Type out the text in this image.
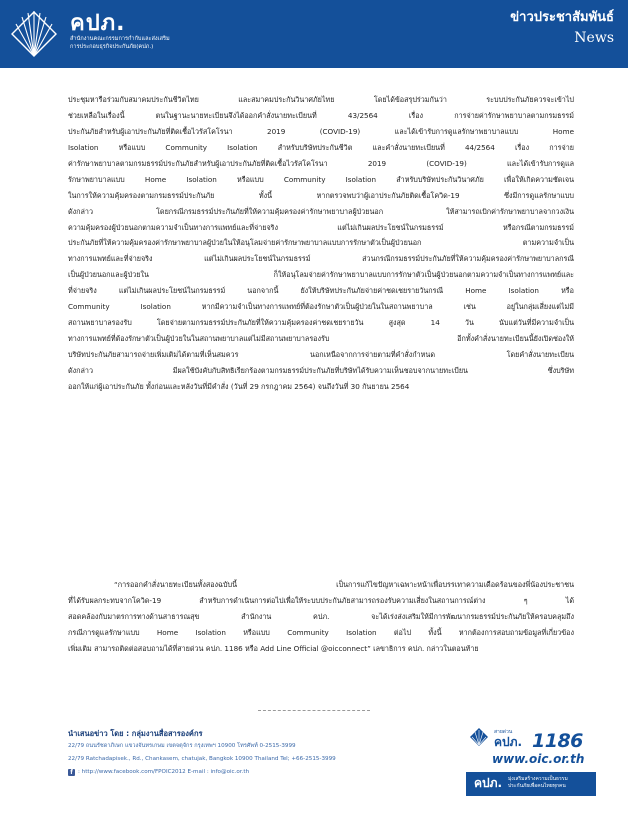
คปภ.
สำนักงานคณะกรรมการกำกับและส่งเสริม
การประกอบธุรกิจประกันภัย(คปภ.)
ข่าวประชาสัมพันธ์
News
ประชุมหารือร่วมกับสมาคมประกันชีวิตไทย และสมาคมประกันวินาศภัยไทย โดยได้ข้อสรุปร่วมกันว่า ระบบประกันภัยควรจะเข้าไป
ช่วยเหลือในเรื่องนี้ ตนในฐานะนายทะเบียนจึงได้ออกคำสั่งนายทะเบียนที่ 43/2564 เรื่อง การจ่ายค่ารักษาพยาบาลตามกรมธรรม์
ประกันภัยสำหรับผู้เอาประกันภัยที่ติดเชื้อไวรัสโคโรนา 2019 (COVID-19) และได้เข้ารับการดูแลรักษาพยาบาลแบบ Home
Isolation หรือแบบ Community Isolation สำหรับบริษัทประกันชีวิต และคำสั่งนายทะเบียนที่ 44/2564 เรื่อง การจ่าย
ค่ารักษาพยาบาลตามกรมธรรม์ประกันภัยสำหรับผู้เอาประกันภัยที่ติดเชื้อไวรัสโคโรนา 2019 (COVID-19) และได้เข้ารับการดูแล
รักษาพยาบาลแบบ Home Isolation หรือแบบ Community Isolation สำหรับบริษัทประกันวินาศภัย เพื่อให้เกิดความชัดเจน
ในการให้ความคุ้มครองตามกรมธรรม์ประกันภัย ทั้งนี้ หากตรวจพบว่าผู้เอาประกันภัยติดเชื้อโควิด-19 ซึ่งมีการดูแลรักษาแบบ
ดังกล่าว โดยกรณีกรมธรรม์ประกันภัยที่ให้ความคุ้มครองค่ารักษาพยาบาลผู้ป่วยนอก ให้สามารถเบิกค่ารักษาพยาบาลจากวงเงิน
ความคุ้มครองผู้ป่วยนอกตามความจำเป็นทางการแพทย์และที่จ่ายจริง แต่ไม่เกินผลประโยชน์ในกรมธรรม์ หรือกรณีตามกรมธรรม์
ประกันภัยที่ให้ความคุ้มครองค่ารักษาพยาบาลผู้ป่วยในให้อนุโลมจ่ายค่ารักษาพยาบาลแบบการรักษาตัวเป็นผู้ป่วยนอก ตามความจำเป็น
ทางการแพทย์และที่จ่ายจริง แต่ไม่เกินผลประโยชน์ในกรมธรรม์ ส่วนกรณีกรมธรรม์ประกันภัยที่ให้ความคุ้มครองค่ารักษาพยาบาลกรณี
เป็นผู้ป่วยนอกและผู้ป่วยใน ก็ให้อนุโลมจ่ายค่ารักษาพยาบาลแบบการรักษาตัวเป็นผู้ป่วยนอกตามความจำเป็นทางการแพทย์และ
ที่จ่ายจริง แต่ไม่เกินผลประโยชน์ในกรมธรรม์ นอกจากนี้ ยังให้บริษัทประกันภัยจ่ายค่าชดเชยรายวันกรณี Home Isolation หรือ
Community Isolation หากมีความจำเป็นทางการแพทย์ที่ต้องรักษาตัวเป็นผู้ป่วยในในสถานพยาบาล เช่น อยู่ในกลุ่มเสี่ยงแต่ไม่มี
สถานพยาบาลรองรับ โดยจ่ายตามกรมธรรม์ประกันภัยที่ให้ความคุ้มครองค่าชดเชยรายวัน สูงสุด 14 วัน นับแต่วันที่มีความจำเป็น
ทางการแพทย์ที่ต้องรักษาตัวเป็นผู้ป่วยในในสถานพยาบาลแต่ไม่มีสถานพยาบาลรองรับ อีกทั้งคำสั่งนายทะเบียนนี้ยังเปิดช่องให้
บริษัทประกันภัยสามารถจ่ายเพิ่มเติมได้ตามที่เห็นสมควร นอกเหนือจากการจ่ายตามที่คำสั่งกำหนด โดยคำสั่งนายทะเบียน
ดังกล่าว มีผลใช้บังคับกับสิทธิเรียกร้องตามกรมธรรม์ประกันภัยที่บริษัทได้รับความเห็นชอบจากนายทะเบียน ซึ่งบริษัท
ออกให้แก่ผู้เอาประกันภัย ทั้งก่อนและหลังวันที่มีคำสั่ง (วันที่ 29 กรกฎาคม 2564) จนถึงวันที่ 30 กันยายน 2564
“การออกคำสั่งนายทะเบียนทั้งสองฉบับนี้ เป็นการแก้ไขปัญหาเฉพาะหน้าเพื่อบรรเทาความเดือดร้อนของพี่น้องประชาชน
ที่ได้รับผลกระทบจากโควิด-19 สำหรับการดำเนินการต่อไปเพื่อให้ระบบประกันภัยสามารถรองรับความเสี่ยงในสถานการณ์ต่าง ๆ ได้
สอดคล้องกับมาตรการทางด้านสาธารณสุข สำนักงาน คปภ. จะได้เร่งส่งเสริมให้มีการพัฒนากรมธรรม์ประกันภัยให้ครอบคลุมถึง
กรณีการดูแลรักษาแบบ Home Isolation หรือแบบ Community Isolation ต่อไป ทั้งนี้ หากต้องการสอบถามข้อมูลที่เกี่ยวข้อง
เพิ่มเติม สามารถติดต่อสอบถามได้ที่สายด่วน คปภ. 1186 หรือ Add Line Official @oicconnect” เลขาธิการ คปภ. กล่าวในตอนท้าย
นำเสนอข่าว โดย : กลุ่มงานสื่อสารองค์กร
22/79 ถนนรัชดาภิเษก แขวงจันทรเกษม เขตจตุจักร กรุงเทพฯ 10900 โทรศัพท์ 0-2515-3999
22/79 Ratchadapisek., Rd., Chankasem, chatujak, Bangkok 10900 Thailand Tel; +66-2515-3999
f : http://www.facebook.com/FPOIC2012 E-mail : info@oic.or.th
สายด่วน
คปภ. 1186
www.oic.or.th
คปภ. มุ่งเสริมสร้างความเป็นธรรม
ประกันภัยเพื่อคนไทยทุกคน
